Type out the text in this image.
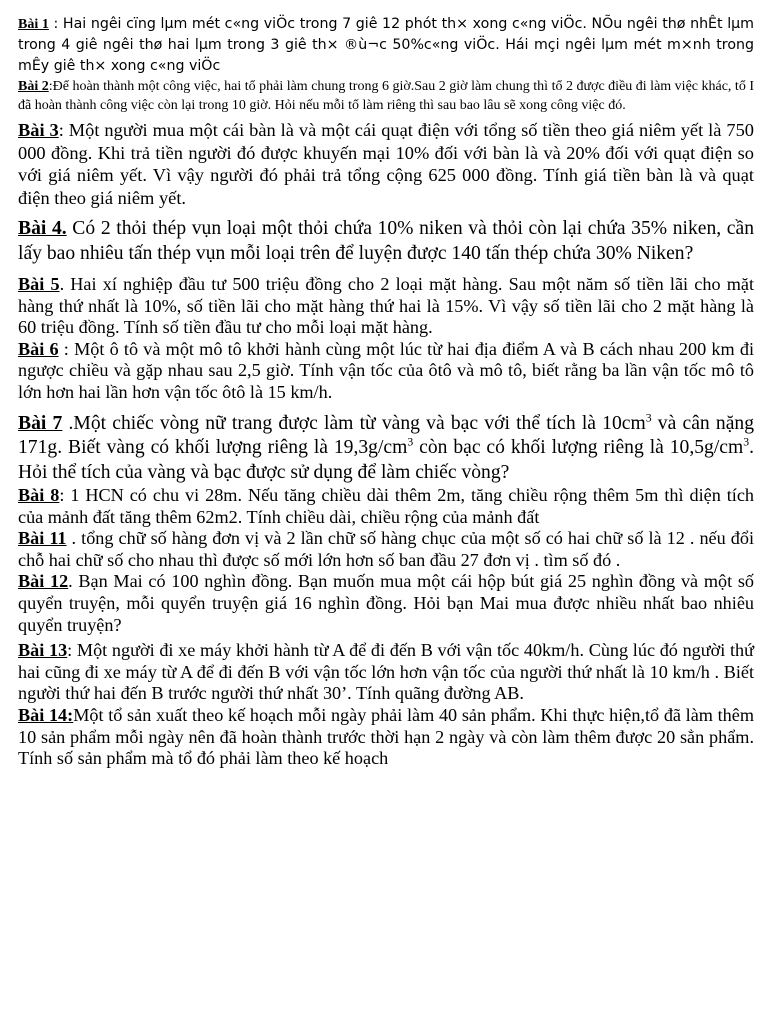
Bài 1 : Hai ngêi cïng lµm mét c«ng viÖc trong 7 giê 12 phót th× xong c«ng viÖc. NÕu ngêi thø nhÊt lµm trong 4 giê ngêi thø hai lµm trong 3 giê th× ®ù¬c 50%c«ng viÖc. Hái mçi ngêi lµm mét m×nh trong mÊy giê th× xong c«ng viÖc

Bài 2:Để hoàn thành một công việc, hai tổ phải làm chung trong 6 giờ.Sau 2 giờ làm chung thì tổ 2 được điều đi làm việc khác, tổ I đã hoàn thành công việc còn lại trong 10 giờ. Hỏi nếu mỗi tổ làm riêng thì sau bao lâu sẽ xong công việc đó.

Bài 3: Một người mua một cái bàn là và một cái quạt điện với tổng số tiền theo giá niêm yết là 750 000 đồng. Khi trả tiền người đó được khuyến mại 10% đối với bàn là và 20% đối với quạt điện so với giá niêm yết. Vì vậy người đó phải trả tổng cộng 625 000 đồng. Tính giá tiền bàn là và quạt điện theo giá niêm yết.

Bài 4. Có 2 thỏi thép vụn loại một thỏi chứa 10% niken và thỏi còn lại chứa 35% niken, cần lấy bao nhiêu tấn thép vụn mỗi loại trên để luyện được 140 tấn thép chứa 30% Niken?

Bài 5. Hai xí nghiệp đầu tư 500 triệu đồng cho 2 loại mặt hàng. Sau một năm số tiền lãi cho mặt hàng thứ nhất là 10%, số tiền lãi cho mặt hàng thứ hai là 15%. Vì vậy số tiền lãi cho 2 mặt hàng là 60 triệu đồng. Tính số tiền đầu tư cho mỗi loại mặt hàng.

Bài 6 : Một ô tô và một mô tô khởi hành cùng một lúc từ hai địa điểm A và B cách nhau 200 km đi ngược chiều và gặp nhau sau 2,5 giờ. Tính vận tốc của ôtô và mô tô, biết rằng ba lần vận tốc mô tô lớn hơn hai lần hơn vận tốc ôtô là 15 km/h.

Bài 7 .Một chiếc vòng nữ trang được làm từ vàng và bạc với thể tích là $10cm^3$ và cân nặng 171g. Biết vàng có khối lượng riêng là $19,3g/cm^3$ còn bạc có khối lượng riêng là $10,5g/cm^3$. Hỏi thể tích của vàng và bạc được sử dụng để làm chiếc vòng?

Bài 8: 1 HCN có chu vi 28m. Nếu tăng chiều dài thêm 2m, tăng chiều rộng thêm 5m thì diện tích của mảnh đất tăng thêm 62m2. Tính chiều dài, chiều rộng của mảnh đất

Bài 11 . tổng chữ số hàng đơn vị và 2 lần chữ số hàng chục của một số có hai chữ số là 12 . nếu đổi chỗ hai chữ số cho nhau thì được số mới lớn hơn số ban đầu 27 đơn vị . tìm số đó .

Bài 12. Bạn Mai có 100 nghìn đồng. Bạn muốn mua một cái hộp bút giá 25 nghìn đồng và một số quyển truyện, mỗi quyển truyện giá 16 nghìn đồng. Hỏi bạn Mai mua được nhiều nhất bao nhiêu quyển truyện?

Bài 13: Một người đi xe máy khởi hành từ A để đi đến B với vận tốc 40km/h. Cùng lúc đó người thứ hai cũng đi xe máy từ A để đi đến B với vận tốc lớn hơn vận tốc của người thứ nhất là 10 km/h . Biết người thứ hai đến B trước người thứ nhất 30’. Tính quãng đường AB.

Bài 14:Một tổ sản xuất theo kế hoạch mỗi ngày phải làm 40 sản phẩm. Khi thực hiện,tổ đã làm thêm 10 sản phẩm mỗi ngày nên đã hoàn thành trước thời hạn 2 ngày và còn làm thêm được 20 sẳn phẩm. Tính số sản phẩm mà tổ đó phải làm theo kế hoạch
